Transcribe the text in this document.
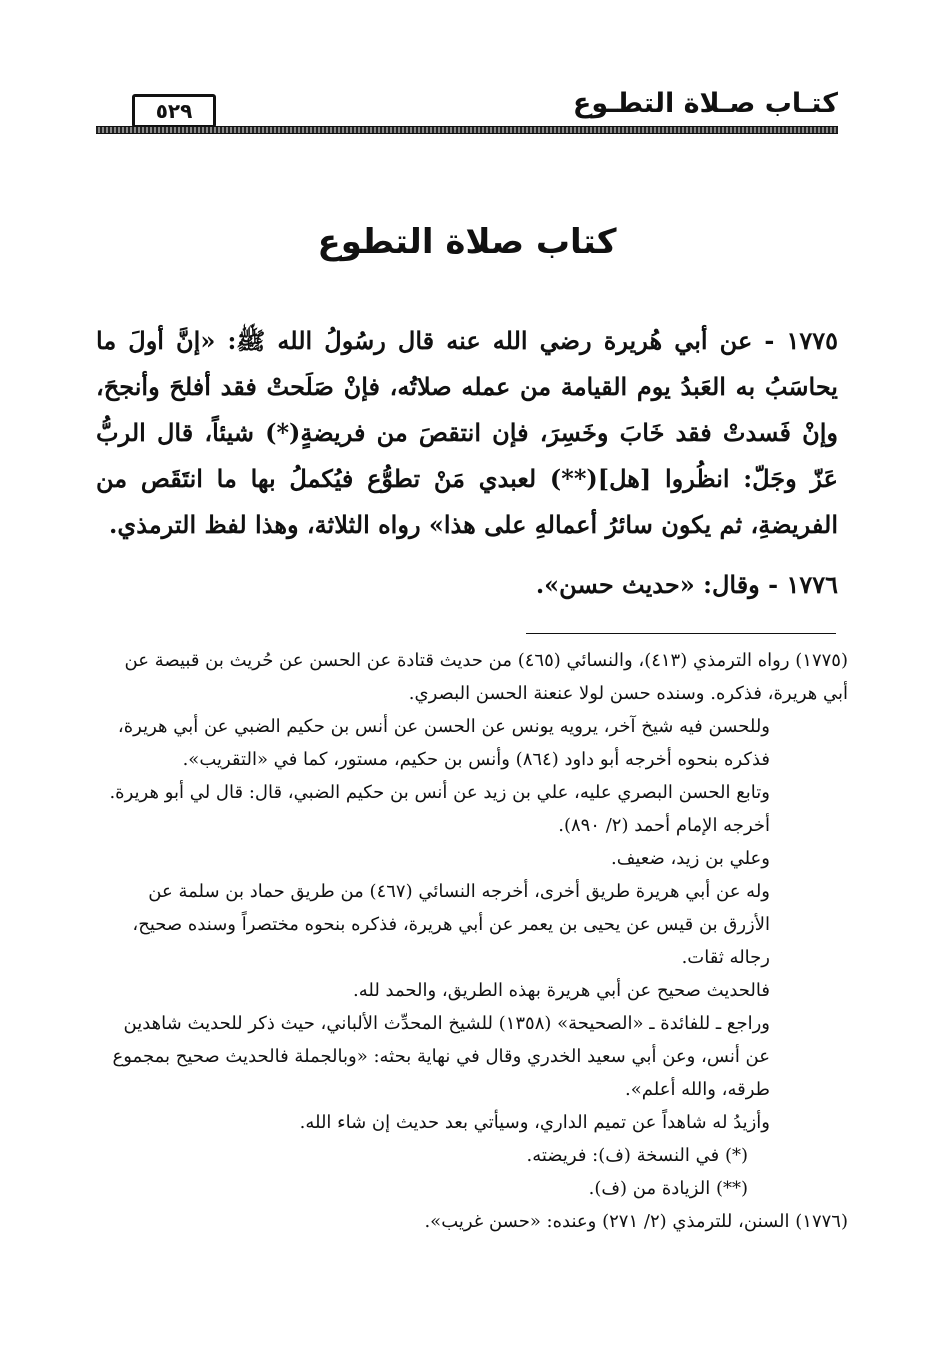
كتـاب صـلاة التطـوع
٥٢٩
كتاب صلاة التطوع

١٧٧٥ - عن أبي هُريرة رضي الله عنه قال رسُولُ الله ﷺ: «إنَّ أولَ ما يحاسَبُ به العَبدُ يوم القيامة من عمله صلاتُه، فإنْ صَلَحتْ فقد أفلحَ وأنجحَ، وإنْ فَسدتْ فقد خَابَ وخَسِرَ، فإن انتقصَ من فريضةٍ(*) شيئاً، قال الربُّ عَزّ وجَلّ: انظُروا [هل](**) لعبدي مَنْ تطوُّع فيُكملُ بها ما انتَقَص من الفريضةِ، ثم يكون سائرُ أعمالهِ على هذا» رواه الثلاثة، وهذا لفظ الترمذي.

١٧٧٦ - وقال: «حديث حسن».

(١٧٧٥) رواه الترمذي (٤١٣)، والنسائي (٤٦٥) من حديث قتادة عن الحسن عن حُريث بن قبيصة عن أبي هريرة، فذكره. وسنده حسن لولا عنعنة الحسن البصري.

وللحسن فيه شيخ آخر، يرويه يونس عن الحسن عن أنس بن حكيم الضبي عن أبي هريرة، فذكره بنحوه أخرجه أبو داود (٨٦٤) وأنس بن حكيم، مستور، كما في «التقريب».

وتابع الحسن البصري عليه، علي بن زيد عن أنس بن حكيم الضبي، قال: قال لي أبو هريرة. أخرجه الإمام أحمد (٢/ ٨٩٠).

وعلي بن زيد، ضعيف.

وله عن أبي هريرة طريق أخرى، أخرجه النسائي (٤٦٧) من طريق حماد بن سلمة عن الأزرق بن قيس عن يحيى بن يعمر عن أبي هريرة، فذكره بنحوه مختصراً وسنده صحيح، رجاله ثقات.

فالحديث صحيح عن أبي هريرة بهذه الطريق، والحمد لله.

وراجع ـ للفائدة ـ «الصحيحة» (١٣٥٨) للشيخ المحدِّث الألباني، حيث ذكر للحديث شاهدين عن أنس، وعن أبي سعيد الخدري وقال في نهاية بحثه: «وبالجملة فالحديث صحيح بمجموع طرقه، والله أعلم».

وأزيدُ له شاهداً عن تميم الداري، وسيأتي بعد حديث إن شاء الله.

(*) في النسخة (ف): فريضته.

(**) الزيادة من (ف).

(١٧٧٦) السنن، للترمذي (٢/ ٢٧١) وعنده: «حسن غريب».
